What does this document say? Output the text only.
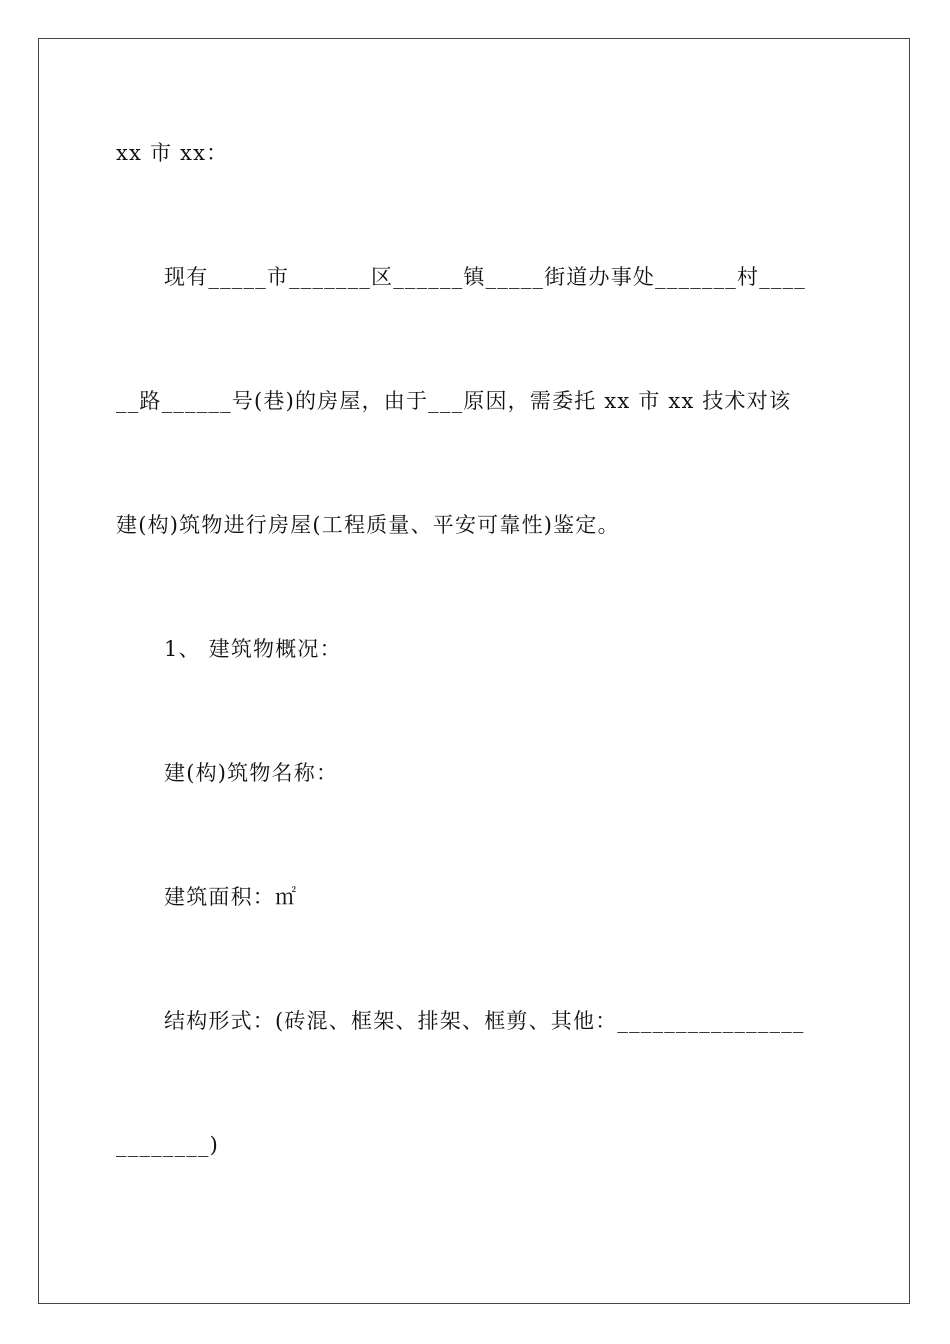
xx 市 xx：
现有_____市_______区______镇_____街道办事处_______村____
__路______号(巷)的房屋，由于___原因，需委托 xx 市 xx 技术对该
建(构)筑物进行房屋(工程质量、平安可靠性)鉴定。
1、 建筑物概况：
建(构)筑物名称：
建筑面积：㎡
结构形式：(砖混、框架、排架、框剪、其他：________________
________)
